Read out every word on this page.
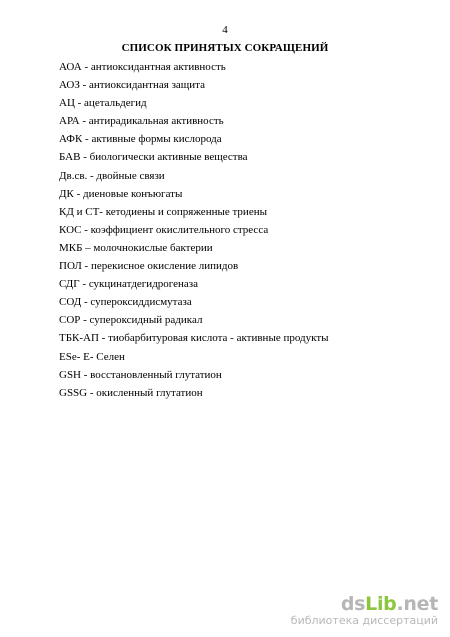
4
СПИСОК ПРИНЯТЫХ СОКРАЩЕНИЙ
АОА - антиоксидантная активность
АОЗ - антиоксидантная защита
АЦ - ацетальдегид
АРА - антирадикальная активность
АФК - активные формы кислорода
БАВ - биологически активные вещества
Дв.св. - двойные связи
ДК - диеновые конъюгаты
КД и СТ- кетодиены и сопряженные триены
КОС - коэффициент окислительного стресса
МКБ – молочнокислые бактерии
ПОЛ - перекисное окисление липидов
СДГ - сукцинатдегидрогеназа
СОД - супероксиддисмутаза
СОР - супероксидный радикал
ТБК-АП - тиобарбитуровая кислота - активные продукты
ESe- Е- Селен
GSH - восстановленный глутатион
GSSG - окисленный глутатион
dsLib.net
библиотека диссертаций
